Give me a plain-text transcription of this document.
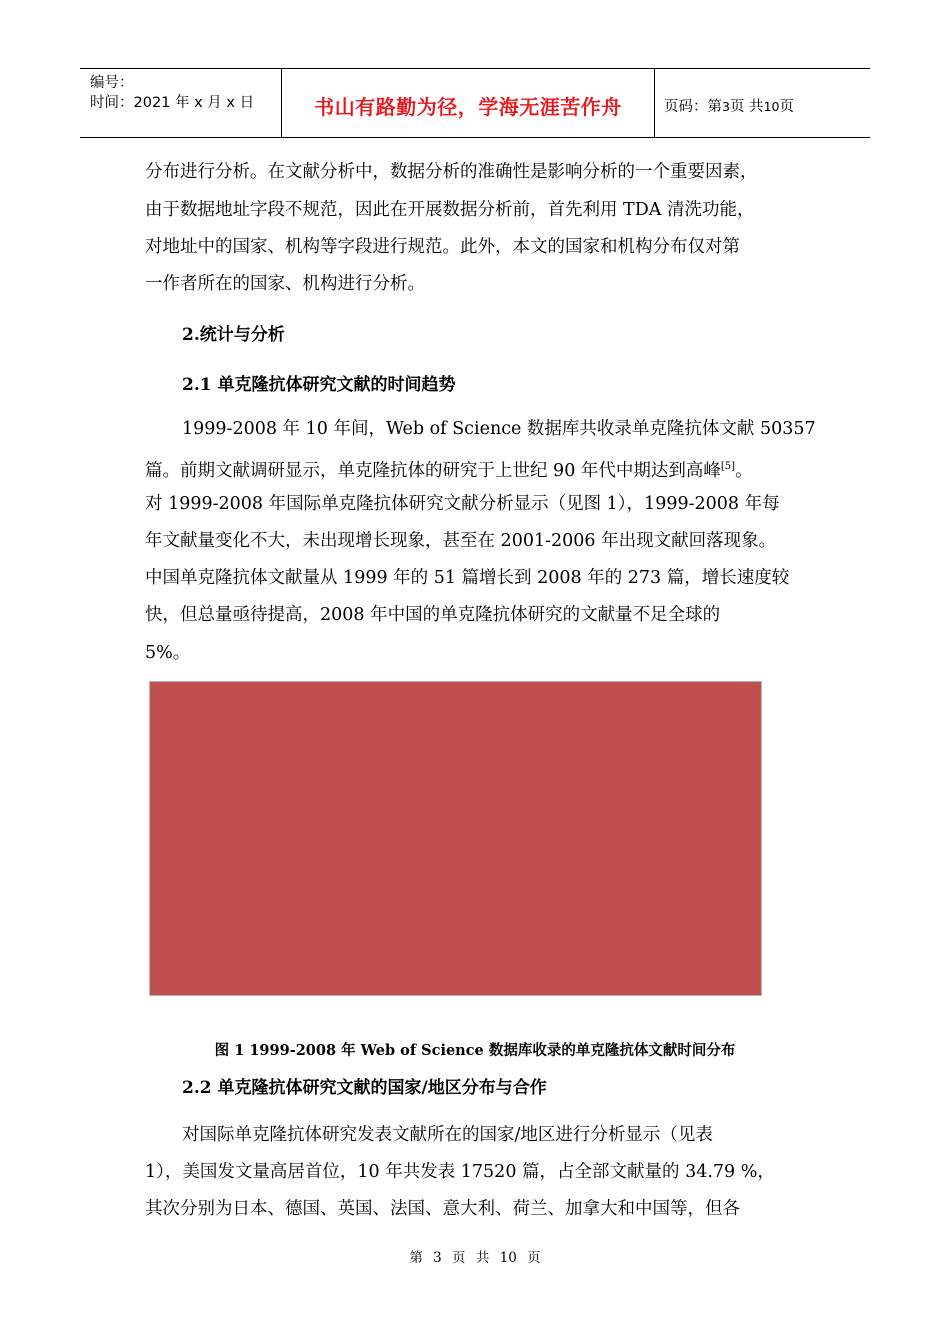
编号：
时间：2021 年 x 月 x 日	书山有路勤为径，学海无涯苦作舟	页码：第3页 共10页
分布进行分析。在文献分析中，数据分析的准确性是影响分析的一个重要因素，
由于数据地址字段不规范，因此在开展数据分析前，首先利用 TDA 清洗功能，
对地址中的国家、机构等字段进行规范。此外，本文的国家和机构分布仅对第
一作者所在的国家、机构进行分析。
2.统计与分析
2.1 单克隆抗体研究文献的时间趋势
1999-2008 年 10 年间，Web of Science 数据库共收录单克隆抗体文献 50357
篇。前期文献调研显示，单克隆抗体的研究于上世纪 90 年代中期达到高峰[5]。
对 1999-2008 年国际单克隆抗体研究文献分析显示（见图 1），1999-2008 年每
年文献量变化不大，未出现增长现象，甚至在 2001-2006 年出现文献回落现象。
中国单克隆抗体文献量从 1999 年的 51 篇增长到 2008 年的 273 篇，增长速度较
快，但总量亟待提高，2008 年中国的单克隆抗体研究的文献量不足全球的
5%。
图 1 1999-2008 年 Web of Science 数据库收录的单克隆抗体文献时间分布
2.2 单克隆抗体研究文献的国家/地区分布与合作
对国际单克隆抗体研究发表文献所在的国家/地区进行分析显示（见表
1），美国发文量高居首位，10 年共发表 17520 篇，占全部文献量的 34.79 %，
其次分别为日本、德国、英国、法国、意大利、荷兰、加拿大和中国等，但各
第 3 页 共 10 页
